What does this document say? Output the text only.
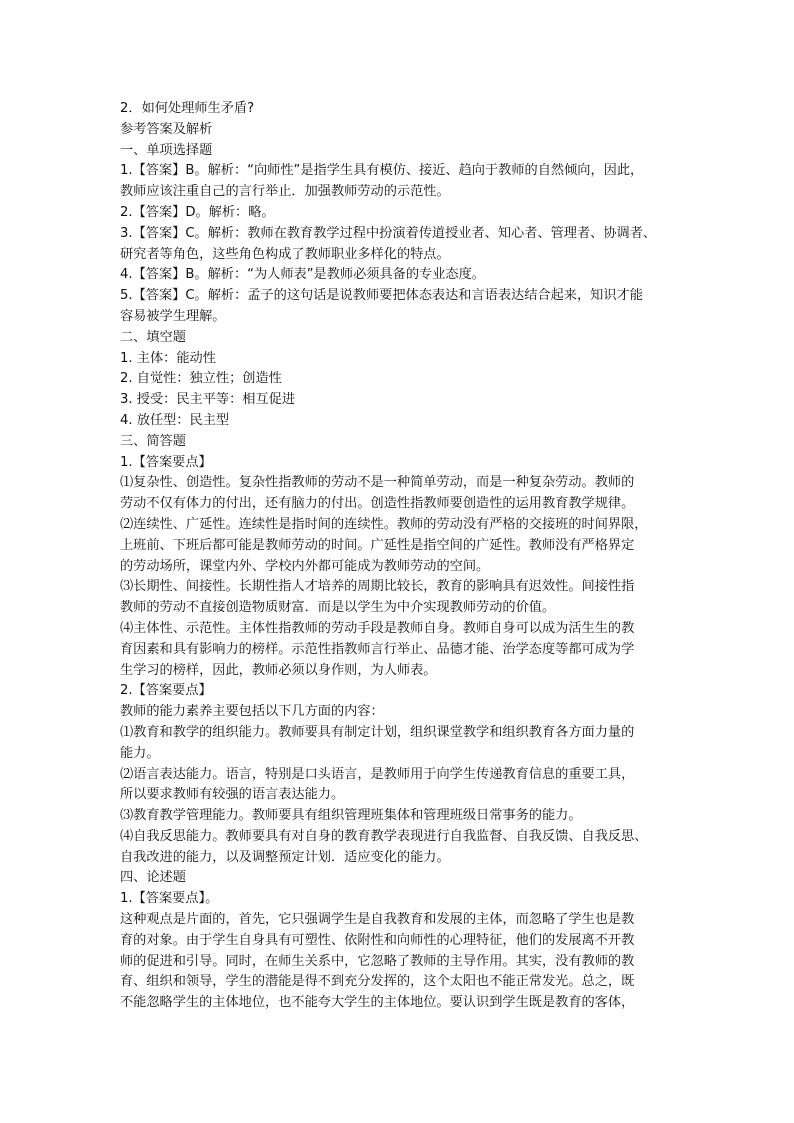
2．如何处理师生矛盾?
参考答案及解析
一、单项选择题
1.【答案】B。解析：“向师性”是指学生具有模仿、接近、趋向于教师的自然倾向，因此，
教师应该注重自己的言行举止．加强教师劳动的示范性。
2.【答案】D。解析：略。
3.【答案】C。解析：教师在教育教学过程中扮演着传道授业者、知心者、管理者、协调者、
研究者等角色，这些角色构成了教师职业多样化的特点。
4.【答案】B。解析：“为人师表”是教师必须具备的专业态度。
5.【答案】C。解析：孟子的这句话是说教师要把体态表达和言语表达结合起来，知识才能
容易被学生理解。
二、填空题
1. 主体：能动性
2. 自觉性：独立性；创造性
3. 授受：民主平等：相互促进
4. 放任型：民主型
三、简答题
1.【答案要点】
⑴复杂性、创造性。复杂性指教师的劳动不是一种简单劳动，而是一种复杂劳动。教师的
劳动不仅有体力的付出，还有脑力的付出。创造性指教师要创造性的运用教育教学规律。
⑵连续性、广延性。连续性是指时间的连续性。教师的劳动没有严格的交接班的时间界限，
上班前、下班后都可能是教师劳动的时间。广延性是指空间的广延性。教师没有严格界定
的劳动场所，课堂内外、学校内外都可能成为教师劳动的空间。
⑶长期性、间接性。长期性指人才培养的周期比较长，教育的影响具有迟效性。间接性指
教师的劳动不直接创造物质财富．而是以学生为中介实现教师劳动的价值。
⑷主体性、示范性。主体性指教师的劳动手段是教师自身。教师自身可以成为活生生的教
育因素和具有影响力的榜样。示范性指教师言行举止、品德才能、治学态度等都可成为学
生学习的榜样，因此，教师必须以身作则，为人师表。
2.【答案要点】
教师的能力素养主要包括以下几方面的内容：
⑴教育和教学的组织能力。教师要具有制定计划，组织课堂教学和组织教育各方面力量的
能力。
⑵语言表达能力。语言，特别是口头语言，是教师用于向学生传递教育信息的重要工具，
所以要求教师有较强的语言表达能力。
⑶教育教学管理能力。教师要具有组织管理班集体和管理班级日常事务的能力。
⑷自我反思能力。教师要具有对自身的教育教学表现进行自我监督、自我反馈、自我反思、
自我改进的能力，以及调整预定计划．适应变化的能力。
四、论述题
1.【答案要点】。
这种观点是片面的，首先，它只强调学生是自我教育和发展的主体，而忽略了学生也是教
育的对象。由于学生自身具有可塑性、依附性和向师性的心理特征，他们的发展离不开教
师的促进和引导。同时，在师生关系中，它忽略了教师的主导作用。其实，没有教师的教
育、组织和领导，学生的潜能是得不到充分发挥的，这个太阳也不能正常发光。总之，既
不能忽略学生的主体地位，也不能夸大学生的主体地位。要认识到学生既是教育的客体，
